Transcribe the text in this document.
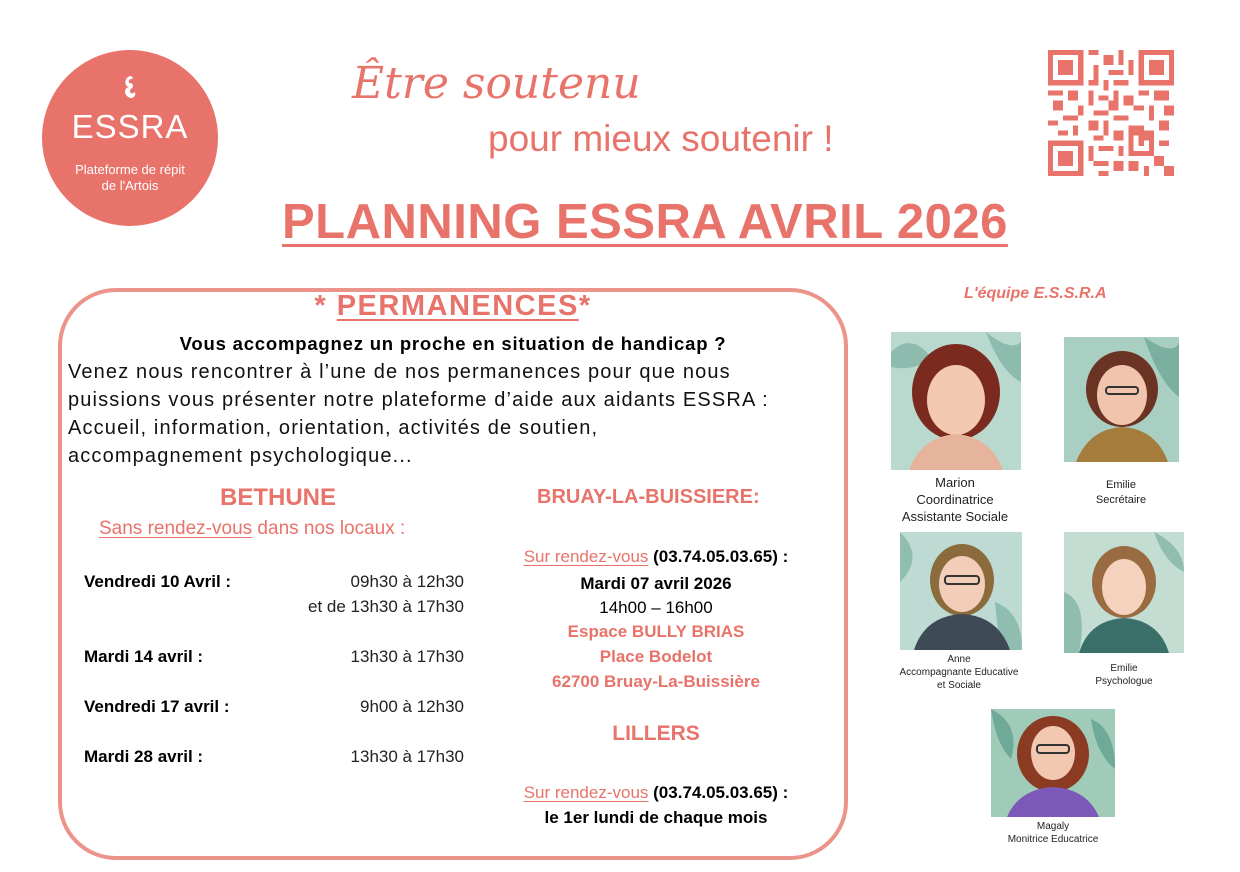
ESSRA
Plateforme de répit
de l'Artois
Être soutenu
pour mieux soutenir !
PLANNING ESSRA AVRIL 2026
* PERMANENCES*
Vous accompagnez un proche en situation de handicap ?
Venez nous rencontrer à l’une de nos permanences pour que nous
puissions vous présenter notre plateforme d’aide aux aidants ESSRA :
Accueil, information, orientation, activités de soutien,
accompagnement psychologique...
BETHUNE
Sans rendez-vous dans nos locaux :
Vendredi 10 Avril :	09h30 à 12h30
et de 13h30 à 17h30
Mardi 14 avril :	13h30 à 17h30
Vendredi 17 avril :	9h00 à 12h30
Mardi 28 avril :	13h30 à 17h30
BRUAY-LA-BUISSIERE:
Sur rendez-vous (03.74.05.03.65) :
Mardi 07 avril 2026
14h00 – 16h00
Espace BULLY BRIAS
Place Bodelot
62700 Bruay-La-Buissière
LILLERS
Sur rendez-vous (03.74.05.03.65) :
le 1er lundi de chaque mois
L'équipe E.S.S.R.A
Marion
Coordinatrice
Assistante Sociale
Emilie
Secrétaire
Anne
Accompagnante Educative
et Sociale
Emilie
Psychologue
Magaly
Monitrice Educatrice
